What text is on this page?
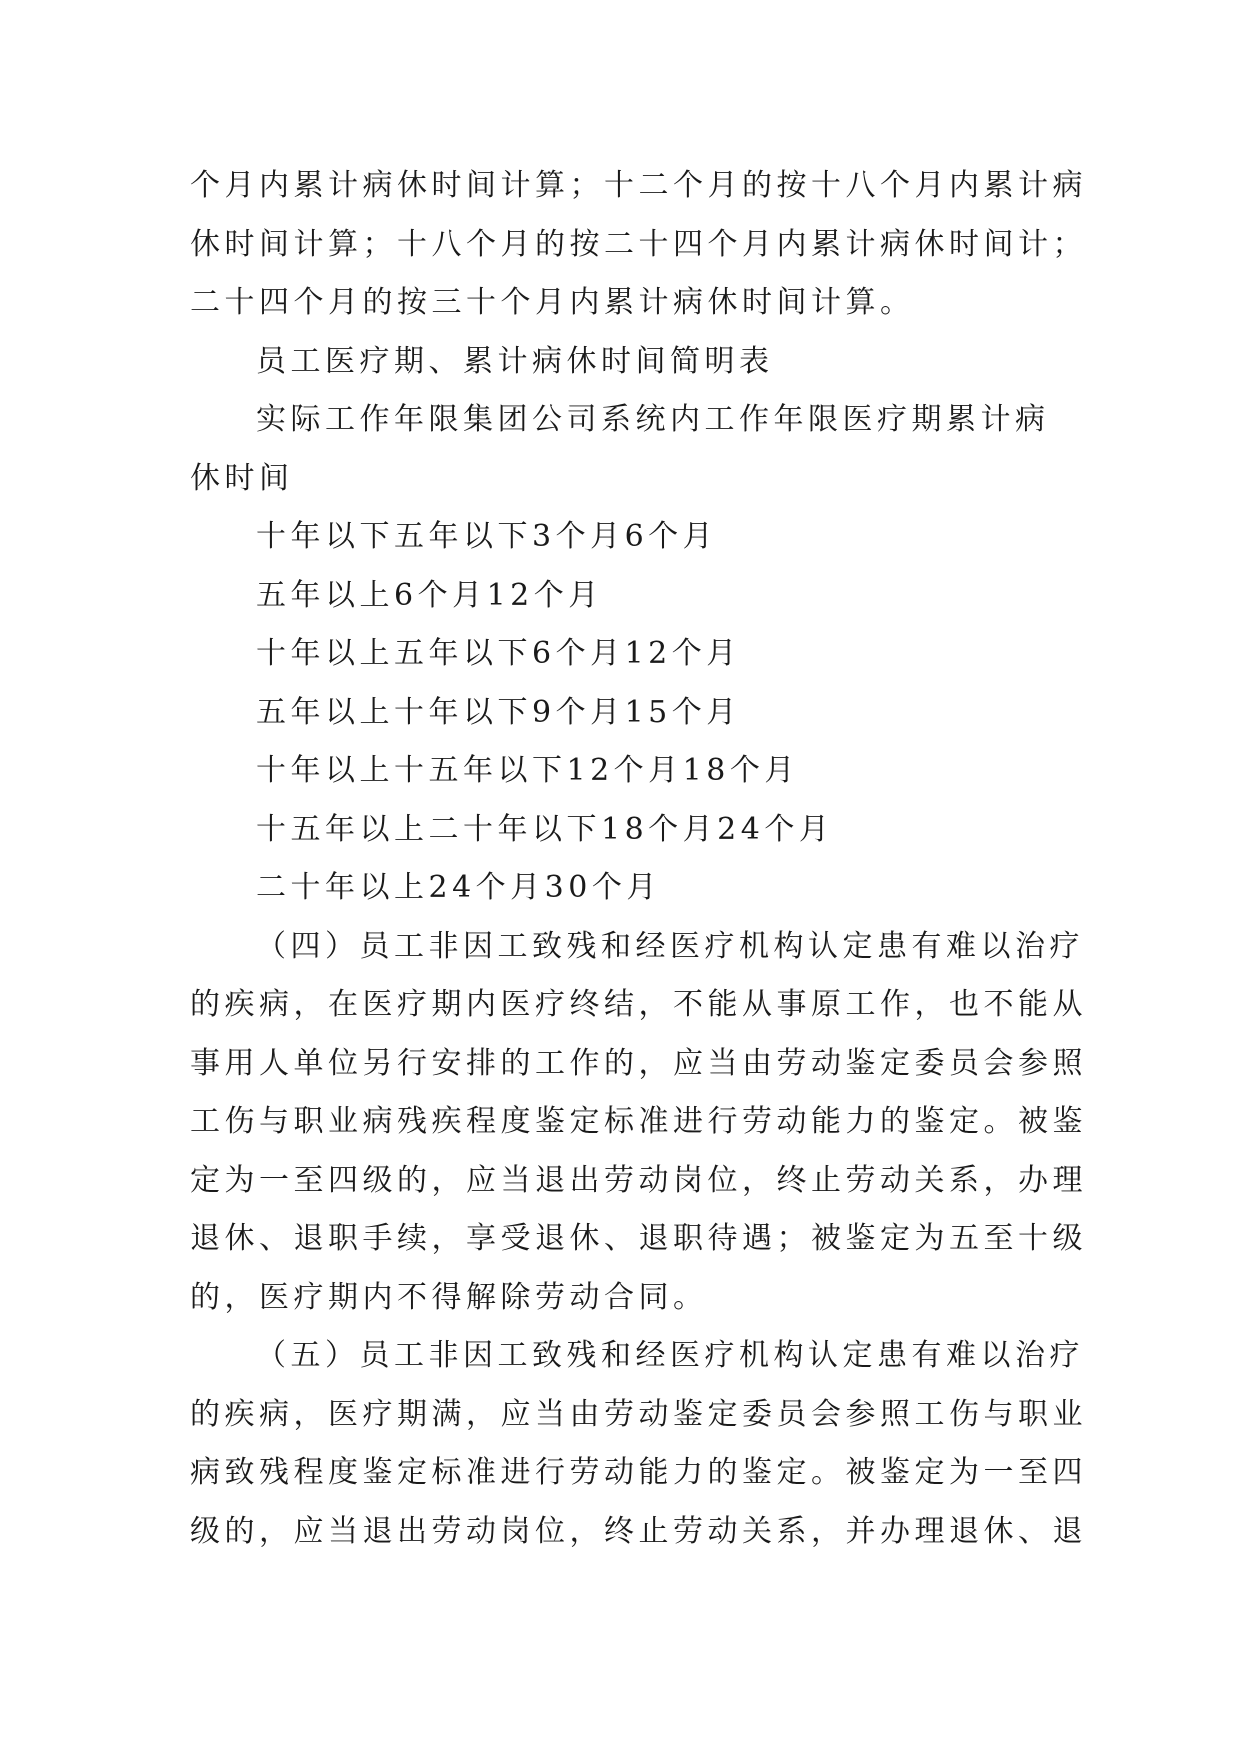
个月内累计病休时间计算；十二个月的按十八个月内累计病
休时间计算；十八个月的按二十四个月内累计病休时间计；
二十四个月的按三十个月内累计病休时间计算。
员工医疗期、累计病休时间简明表
实际工作年限集团公司系统内工作年限医疗期累计病
休时间
十年以下五年以下3个月6个月
五年以上6个月12个月
十年以上五年以下6个月12个月
五年以上十年以下9个月15个月
十年以上十五年以下12个月18个月
十五年以上二十年以下18个月24个月
二十年以上24个月30个月
（四）员工非因工致残和经医疗机构认定患有难以治疗
的疾病，在医疗期内医疗终结，不能从事原工作，也不能从
事用人单位另行安排的工作的，应当由劳动鉴定委员会参照
工伤与职业病残疾程度鉴定标准进行劳动能力的鉴定。被鉴
定为一至四级的，应当退出劳动岗位，终止劳动关系，办理
退休、退职手续，享受退休、退职待遇；被鉴定为五至十级
的，医疗期内不得解除劳动合同。
（五）员工非因工致残和经医疗机构认定患有难以治疗
的疾病，医疗期满，应当由劳动鉴定委员会参照工伤与职业
病致残程度鉴定标准进行劳动能力的鉴定。被鉴定为一至四
级的，应当退出劳动岗位，终止劳动关系，并办理退休、退
